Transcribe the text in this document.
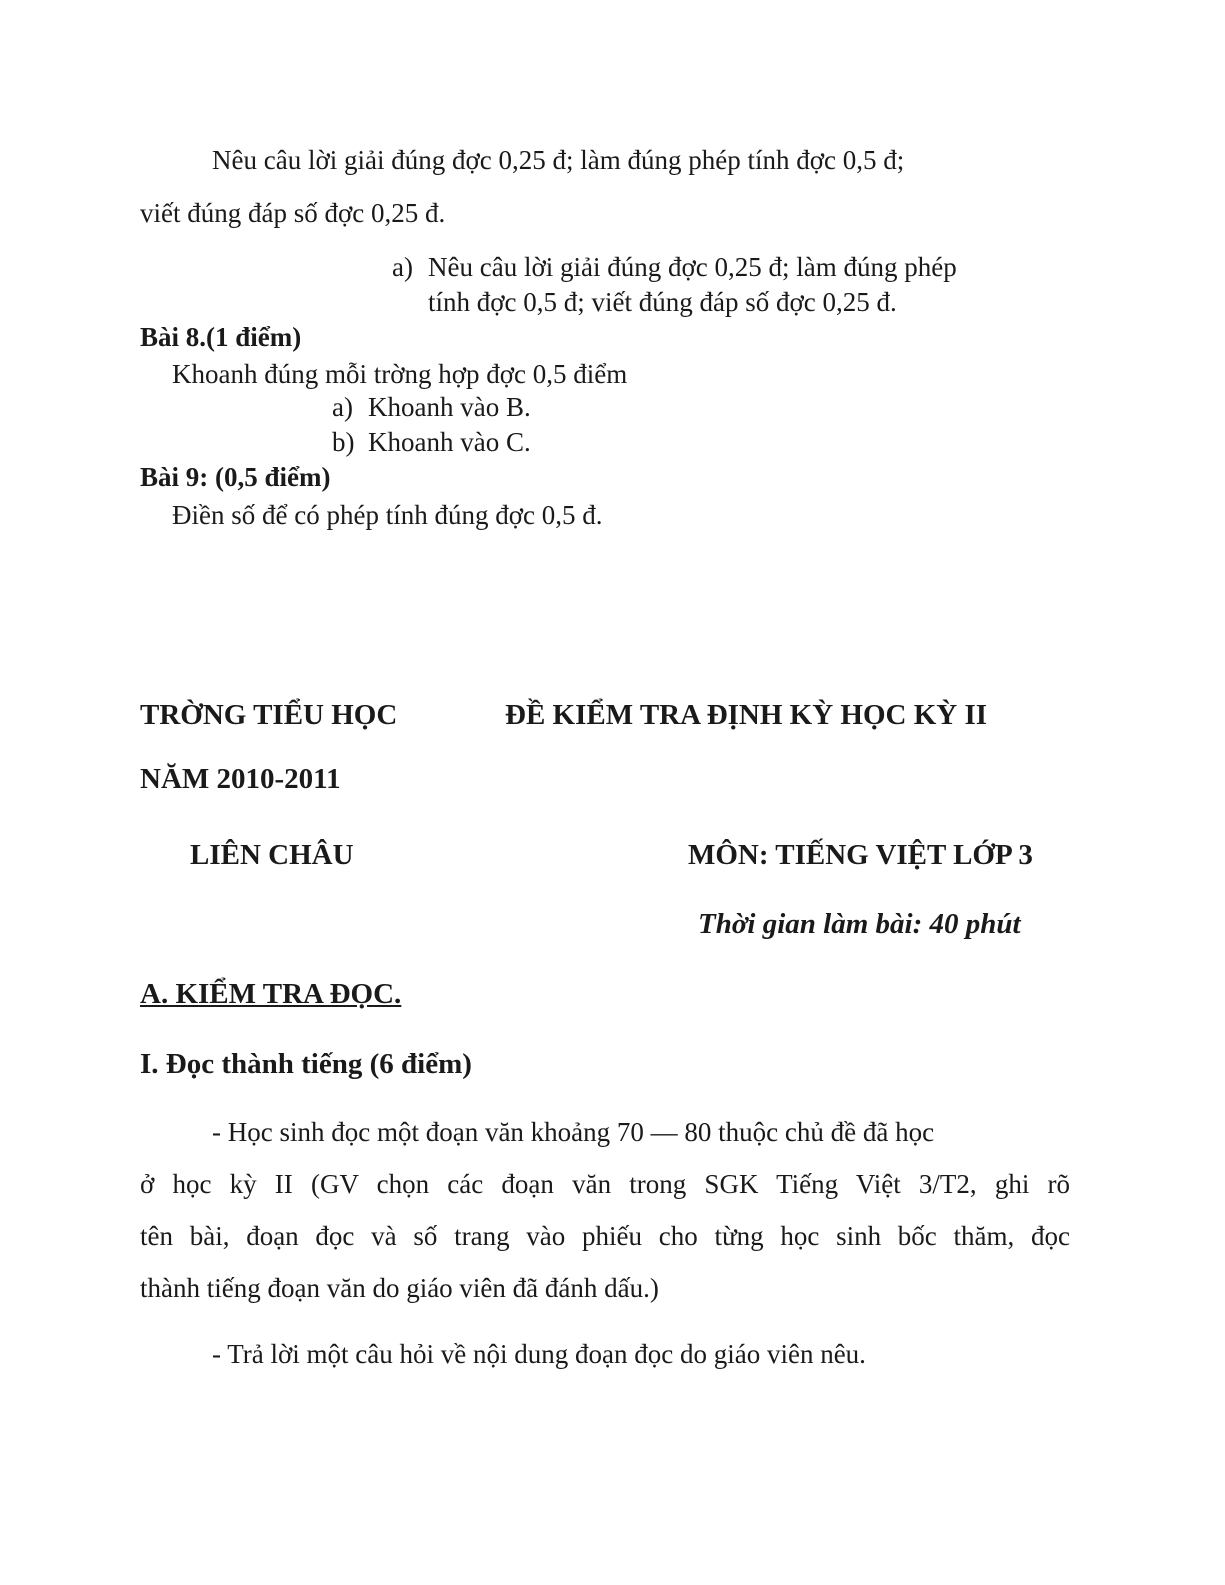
Nêu câu lời giải đúng đợc 0,25 đ; làm đúng phép tính đợc 0,5 đ;
viết đúng đáp số đợc 0,25 đ.
a) Nêu câu lời giải đúng đợc 0,25 đ; làm đúng phép
tính đợc 0,5 đ; viết đúng đáp số đợc 0,25 đ.
Bài 8.(1 điểm)
Khoanh đúng mỗi trờng hợp đợc 0,5 điểm
a) Khoanh vào B.
b) Khoanh vào C.
Bài 9: (0,5 điểm)
Điền số để có phép tính đúng đợc 0,5 đ.
TRỜNG TIỂU HỌC	ĐỀ KIỂM TRA ĐỊNH KỲ HỌC KỲ II
NĂM 2010-2011
LIÊN CHÂU	MÔN: TIẾNG VIỆT LỚP 3
Thời gian làm bài: 40 phút
A. KIỂM TRA ĐỌC.
I. Đọc thành tiếng (6 điểm)
- Học sinh đọc một đoạn văn khoảng 70 — 80 thuộc chủ đề đã học
ở học kỳ II (GV chọn các đoạn văn trong SGK Tiếng Việt 3/T2, ghi rõ
tên bài, đoạn đọc và số trang vào phiếu cho từng học sinh bốc thăm, đọc
thành tiếng đoạn văn do giáo viên đã đánh dấu.)
- Trả lời một câu hỏi về nội dung đoạn đọc do giáo viên nêu.
